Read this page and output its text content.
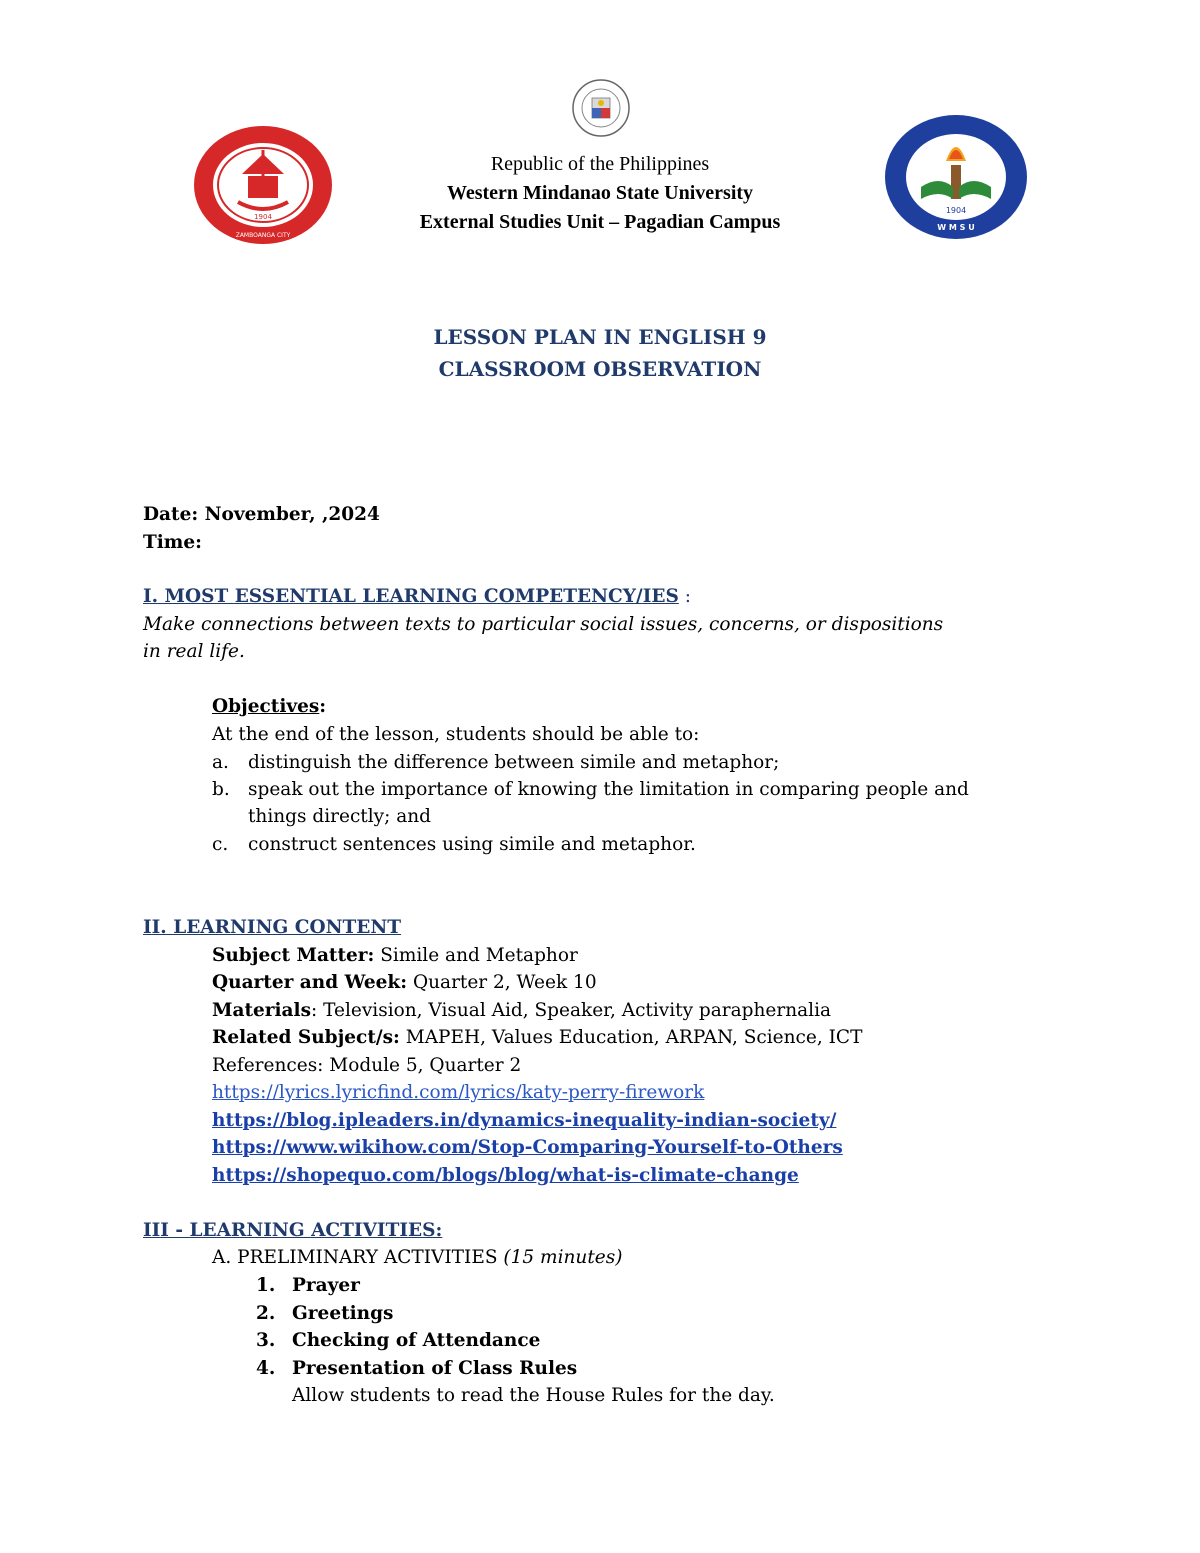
1904
ZAMBOANGA CITY
1904
W M S U
Republic of the Philippines
Western Mindanao State University
External Studies Unit – Pagadian Campus
LESSON PLAN IN ENGLISH 9
CLASSROOM OBSERVATION
Date: November, ,2024
Time:
I. MOST ESSENTIAL LEARNING COMPETENCY/IES :
Make connections between texts to particular social issues, concerns, or dispositions
in real life.
Objectives:
At the end of the lesson, students should be able to:
a. distinguish the difference between simile and metaphor;
b. speak out the importance of knowing the limitation in comparing people and
things directly; and
c. construct sentences using simile and metaphor.
II. LEARNING CONTENT
Subject Matter: Simile and Metaphor
Quarter and Week: Quarter 2, Week 10
Materials: Television, Visual Aid, Speaker, Activity paraphernalia
Related Subject/s: MAPEH, Values Education, ARPAN, Science, ICT
References: Module 5, Quarter 2
https://lyrics.lyricfind.com/lyrics/katy-perry-firework
https://blog.ipleaders.in/dynamics-inequality-indian-society/
https://www.wikihow.com/Stop-Comparing-Yourself-to-Others
https://shopequo.com/blogs/blog/what-is-climate-change
III - LEARNING ACTIVITIES:
A. PRELIMINARY ACTIVITIES (15 minutes)
1. Prayer
2. Greetings
3. Checking of Attendance
4. Presentation of Class Rules
Allow students to read the House Rules for the day.
